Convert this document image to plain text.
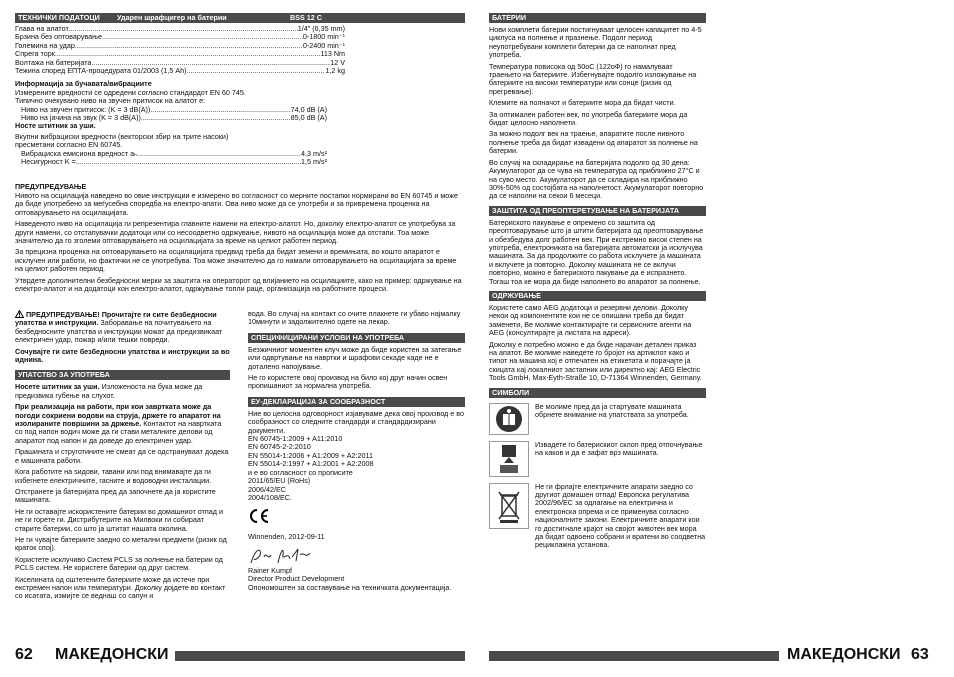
ТЕХНИЧКИ ПОДАТОЦИ Ударен шрафцигер на батерии	BSS 12 C
Глава на алатот .....	1/4" (6,35 mm)
Брзина без оптоварување .....	0-1800 min⁻¹
Големина на удар .....	0-2400 min⁻¹
Спрега торк .....	113 Nm
Волтажа на батеријата .....	12 V
Тежина според ЕПТА-процедурата 01/2003 (1,5 Ah) .....	1,2 kg
Информација за бучавата/вибрациите
Измерените вредности се одредени согласно стандардот EN 60 745.
Типично очекувано ниво на звучен притисок на алатот е:
Ниво на звучен притисок: (K = 3 dB(A)) .....	74,0 dB (A)
Ниво на јачина на звук (K = 3 dB(A)) .....	85,0 dB (A)
Носте штитник за уши.
Вкупни вибрациски вредности (векторски збир на трите насоки) пресметани согласно EN 60745.
Вибрациска емисиона вредност aₕ .....	4,3 m/s²
Несигурност K = .....	1,5 m/s²
ПРЕДУПРЕДУВАЊЕ
Нивото на осцилација наведено во овие инструкции е измерено во согласност со мерните постапки нормирани во EN 60745 и може да биде употребено за меѓусебна споредба на електро-апати. Ова ниво може да се употреби и за привремена проценка на оптоварувањето на осцилацијата.
Наведеното ниво на осцилација ги репрезентира главните намени на електро-алатот. Но, доколку електро-алатот се употребува за други намени, со отстапувачки додатоци или со несоодветно одржување, нивото на осцилација може да отстапи. Тоа може значително да го зголеми оптоварувањето на осцилацијата за време на целиот работен период.
За прецизна проценка на оптоварувањето на осцилацијата предвид треба да бидат земени и времињата, во кошто апаратот е исклучен или работи, но фактички не се употребува. Тоа може значително да го намали оптоварувањето на осцилацијата за време на целиот работен период.
Утврдете дополнителни безбедносни мерки за заштита на операторот од влијанието на осцилациите, како на пример: одржување на електро-алатот и на додатоци кон електро-алатот, одржување топли раце, организација на работните процеси.
ПРЕДУПРЕДУВАЊЕ! Прочитајте ги сите безбедносни упатства и инструкции. Заборавање на почитувањето на безбедносните упатства и инструкции можат да предизвикаат електричен удар, пожар и/или тешки повреди.
Сочувајте ги сите безбедносни упатства и инструкции за во иднина.
УПАТСТВО ЗА УПОТРЕБА
Носете штитник за уши. Изложеноста на бука може да предизвика губење на слухот.
При реализација на работи, при кои завртката може да погоди сокриени водови на струја, држете го апаратот на изолираните површини за држење. Контактот на навртката со под напон водич може да ги стави металните делови од апаратот под напон и да доведе до електричен удар.
Прашината и струготините не смеат да се одстрануваат додека е машината работи.
Кога работите на ѕидови, тавани или под внимавајте да ги избегнете електричните, гасните и водоводни инсталации.
Отстранете ја батеријата пред да започнете да ја користите машината.
Не ги оставајте искористените батерии во домашниот отпад и не ги горете ги. Дистрибутерите на Милвоки ги собираат старите батерии, со што ја штитат нашата околина.
Не ги чувајте батериите заедно со метални предмети (ризик од краток спој).
Користете исклучиво Систем PCLS за полнење на батерии од PCLS систем. Не користете батерии од друг систем.
Киселината од оштетените батериите може да истече при екстремен напон или температури. Доколку дојдете во контакт со исатата, измијте се веднаш со сапун и
вода. Во случај на контакт со очите плакнете ги убаво најмалку 10минути и задолжително одете на лекар.
СПЕЦИФИЦИРАНИ УСЛОВИ НА УПОТРЕБА
Безжичниот моментен клуч може да биде користен за затегање или одвртување на навртки и шрафови секаде каде не е доталено напојување.
Не го користете овој производ на било кој друг начин освен пропишаниот за нормална употреба.
ЕУ-ДЕКЛАРАЦИЈА ЗА СООБРАЗНОСТ
Ние во целосна одговорност изјавуваме дека овој производ е во сообразност со следните стандарди и стандардизирани документи.
EN 60745-1:2009 + A11:2010
EN 60745-2-2:2010
EN 55014-1:2006 + A1:2009 + A2:2011
EN 55014-2:1997 + A1:2001 + A2:2008
и е во согласност со прописите
2011/65/EU (RoHs)
2006/42/EC
2004/108/EC.
Winnenden, 2012-09-11
Rainer Kumpf
Director Product Development
Опономоштен за составување на техничката документација.
62 МАКЕДОНСКИ
БАТЕРИИ
Нови комплети батерии постигнуваат целосен капацитет по 4-5 циклуса на полнење и празнење. Подолг период неупотребувани комплети батерии да се наполнат пред употреба.
Температура повисока од 50оС (122оФ) го намалуваат траењето на батериите. Избегнувајте подолго изложување на батериите на високи температури или сонце (ризик од прегревање).
Клемите на полначот и батериите мора да бидат чисти.
За оптимален работен век, по употреба батериите мора да бидат целосно наполнети.
За можно подолг век на траење, апаратите после нивното полнење треба да бидат извадени од апаратот за полнење на батерии.
Во случај на складирање на батеријата подолго од 30 дена: Акумулаторот да се чува на температура од приближно 27°C и на суво место. Акумулаторот да се складира на приближно 30%-50% од состојбата на наполнетост. Акумулаторот повторно да се наполни на секои 6 месеци.
ЗАШТИТА ОД ПРЕОПТЕРЕТУВАЊЕ НА БАТЕРИЈАТА
Батериското пакување е опремено со заштита од преоптоварување што ја штити батеријата од преоптоварување и обезбедува долг работен век. При екстремно висок степен на употреба, електрониката на батеријата автоматски ја исклучува машината. За да продолжите со работа исклучете ја машината и вклучете ја повторно. Доколку машината не се вклучи повторно, можно е батериското пакување да е испразнето. Тогаш тоа ке мора да биде наполнето во апаратот за полнење.
ОДРЖУВАЊЕ
Користете само AEG додатоци и резервни делови. Доколку некои од компонентите кои не се опишани треба да бидат заменети, Ве молиме контактирајте ги сервисните агенти на AEG (консултирајте ја листата на адреси).
Доколку е потребно можно е да биде нарачан детален приказ на апатот. Ве молиме наведете го бројот на артиклот како и типот на машина кој е отпечатен на етикетата и порачајте ја скицата кај локалниот застапник или директно кај: AEG Electric Tools GmbH, Max-Eyth-Straße 10, D-71364 Winnenden, Germany.
СИМБОЛИ
Ве молиме пред да ја стартувате машината обрнете внимание на упатствата за употреба.
Извадете го батерискиот склоп пред отпочнување на каков и да е зафат врз машината.
Не ги фрлајте електричните апарати заедно со другиот домашен отпад! Европска регулатива 2002/96/EC за одлагање на електрична и електронска опрема и се применува согласно националните закони. Електричните апарати кои го достигнале крајот на својот животен век мора да бидат одвоено собрани и вратени во соодветна рециклажна установа.
МАКЕДОНСКИ 63
